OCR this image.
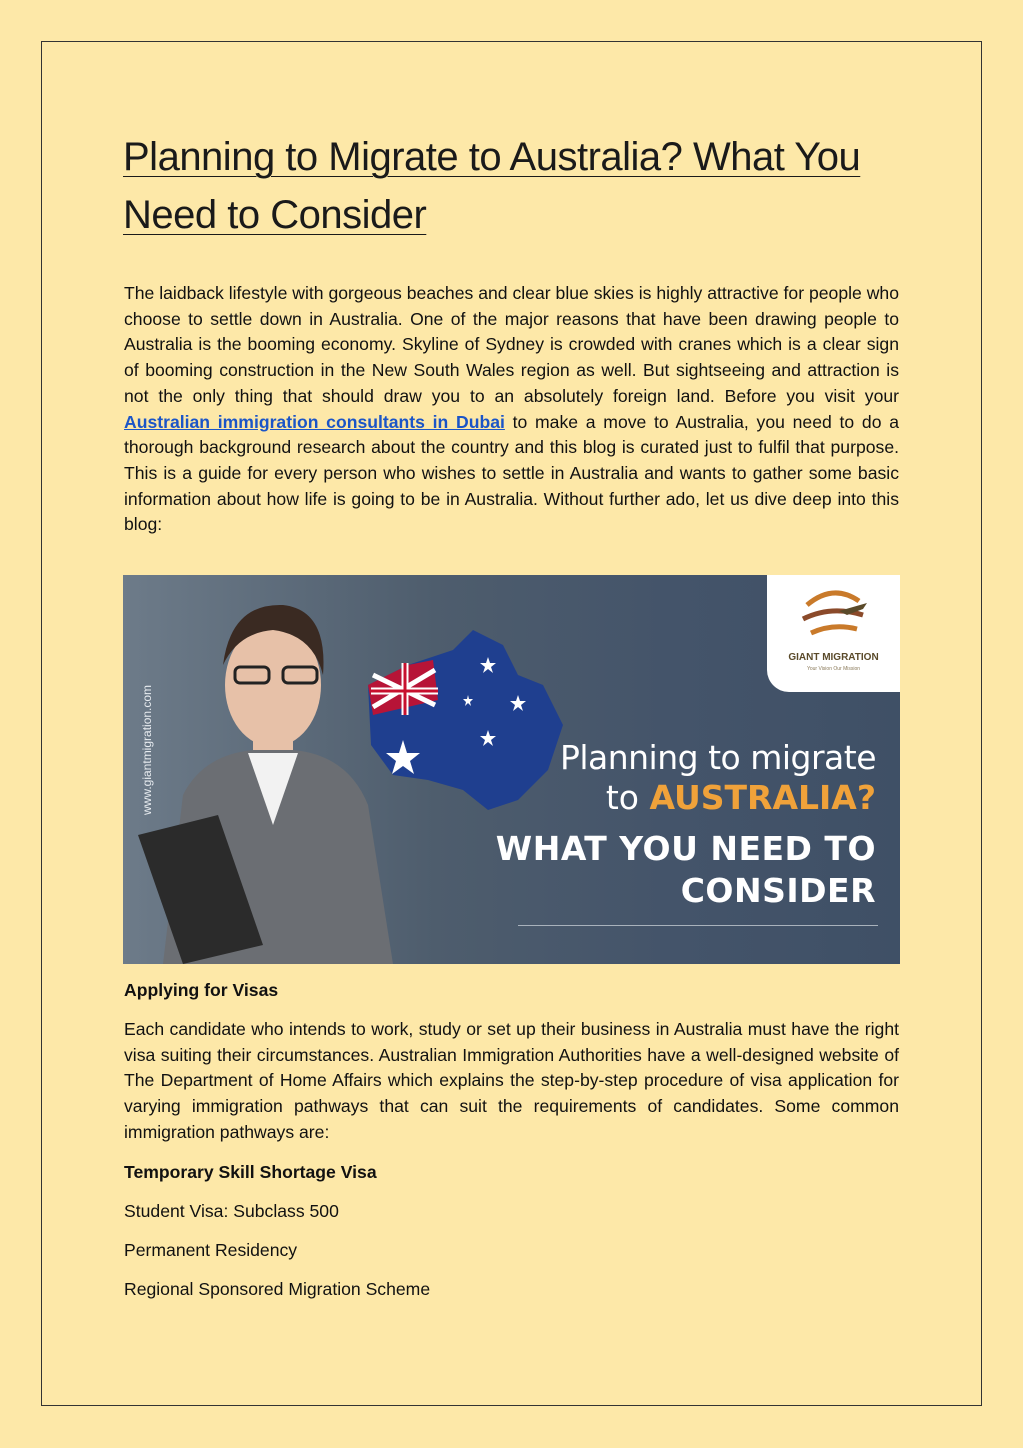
Planning to Migrate to Australia? What You Need to Consider

The laidback lifestyle with gorgeous beaches and clear blue skies is highly attractive for people who choose to settle down in Australia. One of the major reasons that have been drawing people to Australia is the booming economy. Skyline of Sydney is crowded with cranes which is a clear sign of booming construction in the New South Wales region as well. But sightseeing and attraction is not the only thing that should draw you to an absolutely foreign land. Before you visit your Australian immigration consultants in Dubai to make a move to Australia, you need to do a thorough background research about the country and this blog is curated just to fulfil that purpose. This is a guide for every person who wishes to settle in Australia and wants to gather some basic information about how life is going to be in Australia. Without further ado, let us dive deep into this blog:

www.giantmigration.com
GIANT MIGRATION
Your Vision Our Mission
Planning to migrate
to AUSTRALIA?
WHAT YOU NEED TO
CONSIDER
Applying for Visas

Each candidate who intends to work, study or set up their business in Australia must have the right visa suiting their circumstances. Australian Immigration Authorities have a well-designed website of The Department of Home Affairs which explains the step-by-step procedure of visa application for varying immigration pathways that can suit the requirements of candidates. Some common immigration pathways are:

Temporary Skill Shortage Visa
Student Visa: Subclass 500
Permanent Residency
Regional Sponsored Migration Scheme
